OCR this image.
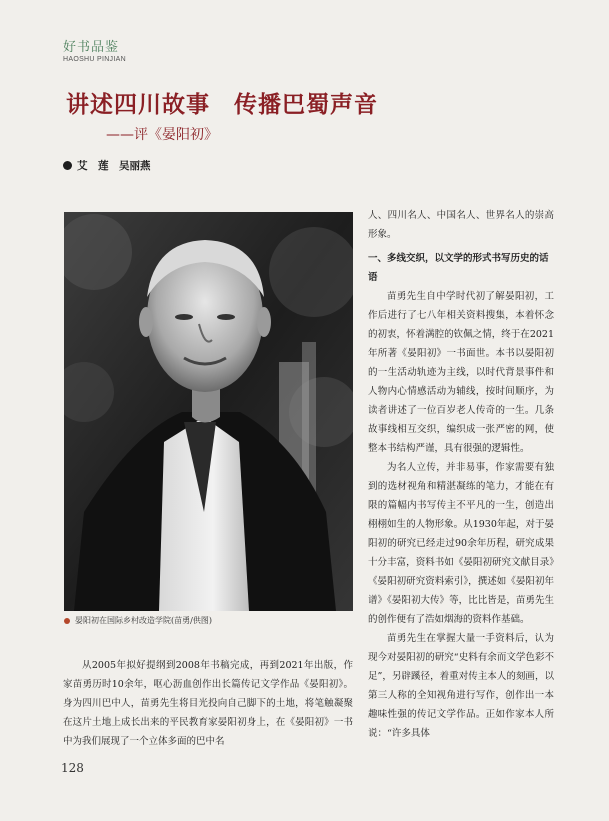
好书品鉴
HAOSHU PINJIAN
讲述四川故事　传播巴蜀声音
——评《晏阳初》
艾　莲　吴丽燕
晏阳初在国际乡村改造学院(苗勇/供图)

人、四川名人、中国名人、世界名人的崇高形象。

一、多线交织，以文学的形式书写历史的话语

苗勇先生自中学时代初了解晏阳初，工作后进行了七八年相关资料搜集，本着怀念的初衷，怀着满腔的钦佩之情，终于在2021年所著《晏阳初》一书面世。本书以晏阳初的一生活动轨迹为主线，以时代背景事件和人物内心情感活动为辅线，按时间顺序，为读者讲述了一位百岁老人传奇的一生。几条故事线相互交织，编织成一张严密的网，使整本书结构严谨，具有很强的逻辑性。

为名人立传，并非易事，作家需要有独到的选材视角和精湛凝练的笔力，才能在有限的篇幅内书写传主不平凡的一生，创造出栩栩如生的人物形象。从1930年起，对于晏阳初的研究已经走过90余年历程，研究成果十分丰富，资料书如《晏阳初研究文献目录》《晏阳初研究资料索引》，撰述如《晏阳初年谱》《晏阳初大传》等，比比皆是，苗勇先生的创作便有了浩如烟海的资料作基础。

苗勇先生在掌握大量一手资料后，认为现今对晏阳初的研究“史料有余而文学色彩不足”，另辟蹊径，着重对传主本人的刻画，以第三人称的全知视角进行写作，创作出一本趣味性强的传记文学作品。正如作家本人所说：“许多具体

从2005年拟好提纲到2008年书稿完成，再到2021年出版，作家苗勇历时10余年，呕心沥血创作出长篇传记文学作品《晏阳初》。身为四川巴中人，苗勇先生将目光投向自己脚下的土地，将笔触凝聚在这片土地上成长出来的平民教育家晏阳初身上，在《晏阳初》一书中为我们展现了一个立体多面的巴中名

128
